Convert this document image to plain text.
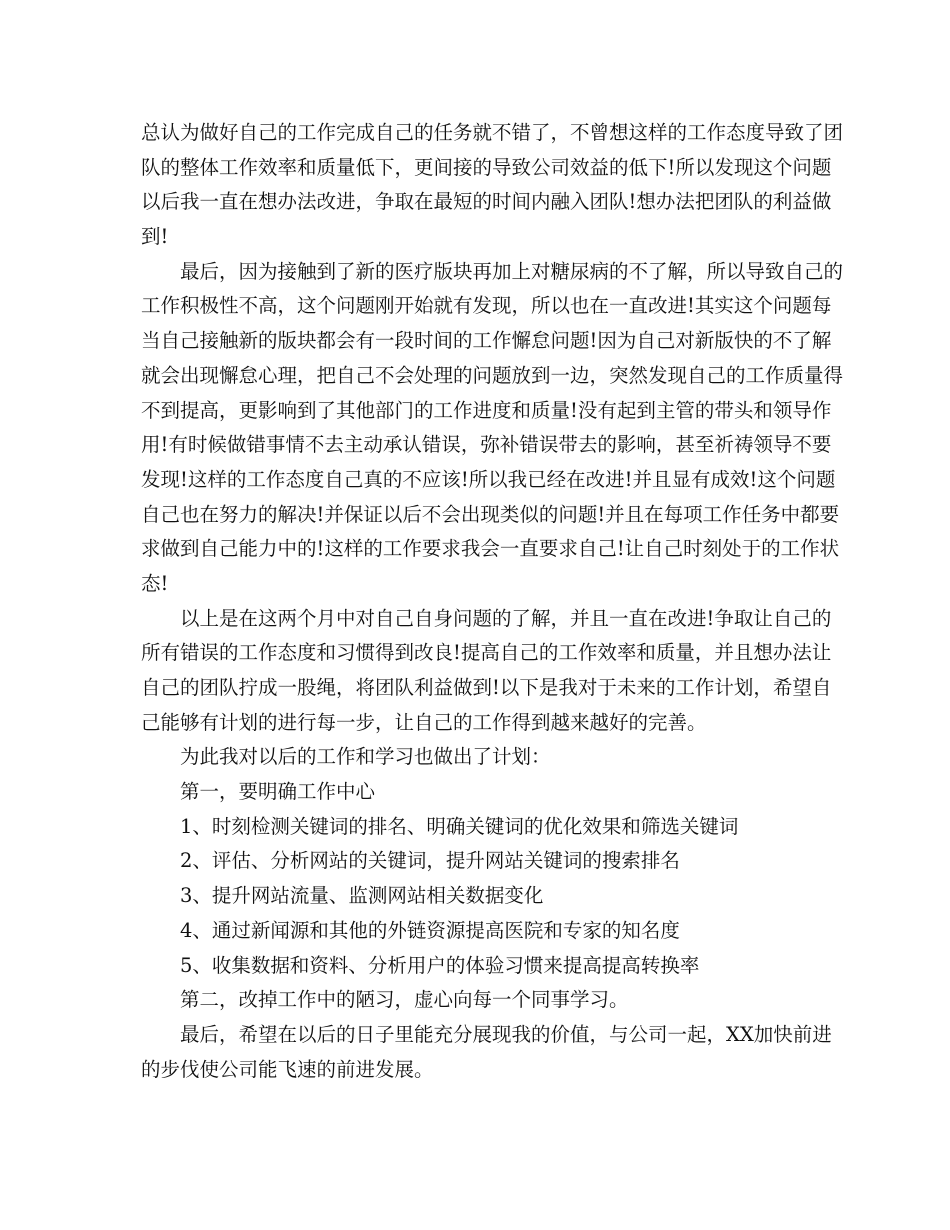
总认为做好自己的工作完成自己的任务就不错了，不曾想这样的工作态度导致了团
队的整体工作效率和质量低下，更间接的导致公司效益的低下!所以发现这个问题
以后我一直在想办法改进，争取在最短的时间内融入团队!想办法把团队的利益做
到!
最后，因为接触到了新的医疗版块再加上对糖尿病的不了解，所以导致自己的
工作积极性不高，这个问题刚开始就有发现，所以也在一直改进!其实这个问题每
当自己接触新的版块都会有一段时间的工作懈怠问题!因为自己对新版快的不了解
就会出现懈怠心理，把自己不会处理的问题放到一边，突然发现自己的工作质量得
不到提高，更影响到了其他部门的工作进度和质量!没有起到主管的带头和领导作
用!有时候做错事情不去主动承认错误，弥补错误带去的影响，甚至祈祷领导不要
发现!这样的工作态度自己真的不应该!所以我已经在改进!并且显有成效!这个问题
自己也在努力的解决!并保证以后不会出现类似的问题!并且在每项工作任务中都要
求做到自己能力中的!这样的工作要求我会一直要求自己!让自己时刻处于的工作状
态!
以上是在这两个月中对自己自身问题的了解，并且一直在改进!争取让自己的
所有错误的工作态度和习惯得到改良!提高自己的工作效率和质量，并且想办法让
自己的团队拧成一股绳，将团队利益做到!以下是我对于未来的工作计划，希望自
己能够有计划的进行每一步，让自己的工作得到越来越好的完善。
为此我对以后的工作和学习也做出了计划：
第一，要明确工作中心
1、时刻检测关键词的排名、明确关键词的优化效果和筛选关键词
2、评估、分析网站的关键词，提升网站关键词的搜索排名
3、提升网站流量、监测网站相关数据变化
4、通过新闻源和其他的外链资源提高医院和专家的知名度
5、收集数据和资料、分析用户的体验习惯来提高提高转换率
第二，改掉工作中的陋习，虚心向每一个同事学习。
最后，希望在以后的日子里能充分展现我的价值，与公司一起，XX加快前进
的步伐使公司能飞速的前进发展。
